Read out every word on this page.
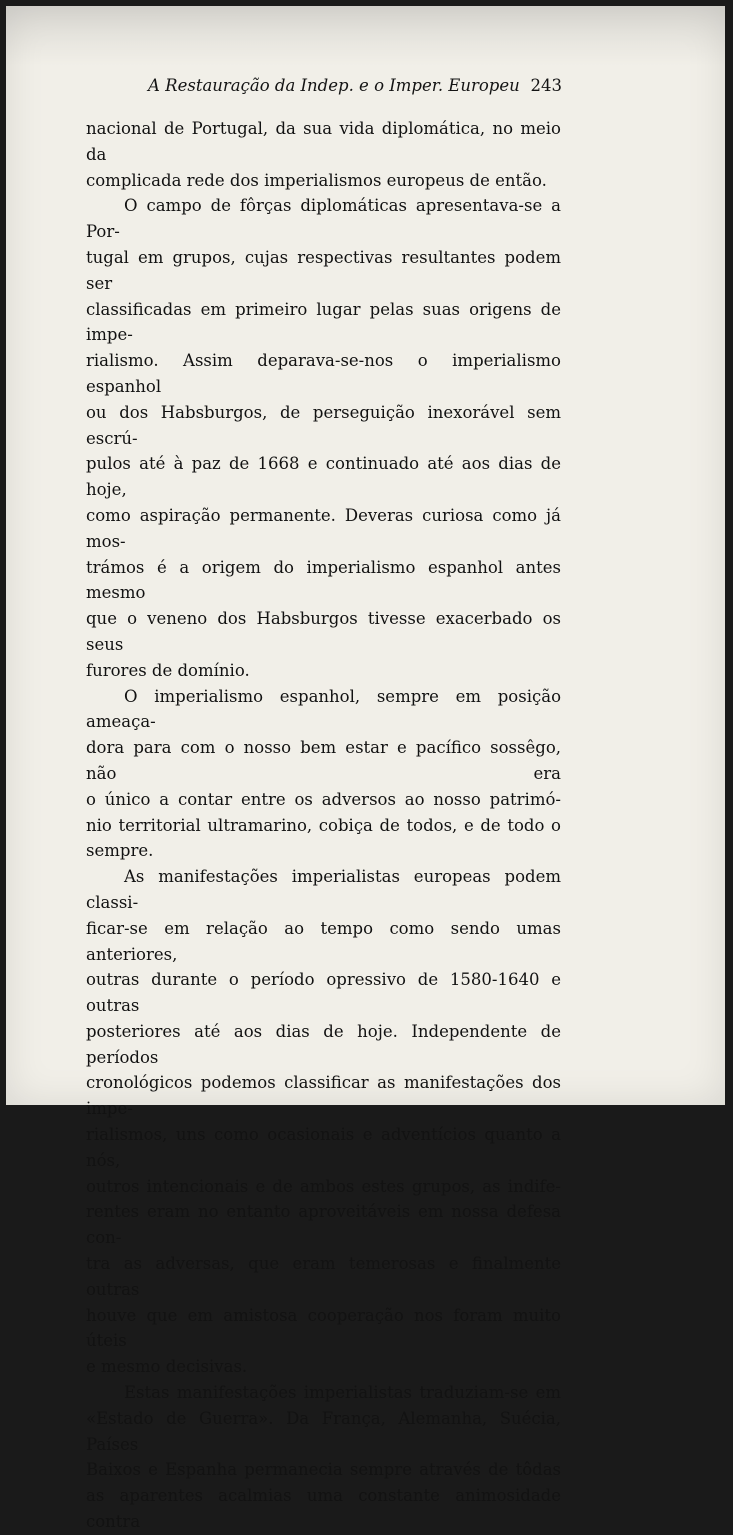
A Restauração da Indep. e o Imper. Europeu 243

nacional de Portugal, da sua vida diplomática, no meio da

complicada rede dos imperialismos europeus de então.

O campo de fôrças diplomáticas apresentava-se a Por-

tugal em grupos, cujas respectivas resultantes podem ser

classificadas em primeiro lugar pelas suas origens de impe-

rialismo. Assim deparava-se-nos o imperialismo espanhol

ou dos Habsburgos, de perseguição inexorável sem escrú-

pulos até à paz de 1668 e continuado até aos dias de hoje,

como aspiração permanente. Deveras curiosa como já mos-

trámos é a origem do imperialismo espanhol antes mesmo

que o veneno dos Habsburgos tivesse exacerbado os seus

furores de domínio.

O imperialismo espanhol, sempre em posição ameaça-

dora para com o nosso bem estar e pacífico sossêgo, não era

o único a contar entre os adversos ao nosso patrimó-

nio territorial ultramarino, cobiça de todos, e de todo o

sempre.

As manifestações imperialistas europeas podem classi-

ficar-se em relação ao tempo como sendo umas anteriores,

outras durante o período opressivo de 1580-1640 e outras

posteriores até aos dias de hoje. Independente de períodos

cronológicos podemos classificar as manifestações dos impe-

rialismos, uns como ocasionais e adventícios quanto a nós,

outros intencionais e de ambos estes grupos, as indife-

rentes eram no entanto aproveitáveis em nossa defesa con-

tra as adversas, que eram temerosas e finalmente outras

houve que em amistosa cooperação nos foram muito úteis

e mesmo decisivas.

Estas manifestações imperialistas traduziam-se em

«Estado de Guerra». Da França, Alemanha, Suécia, Países

Baixos e Espanha permanecia sempre através de tôdas

as aparentes acalmias uma constante animosidade contra
